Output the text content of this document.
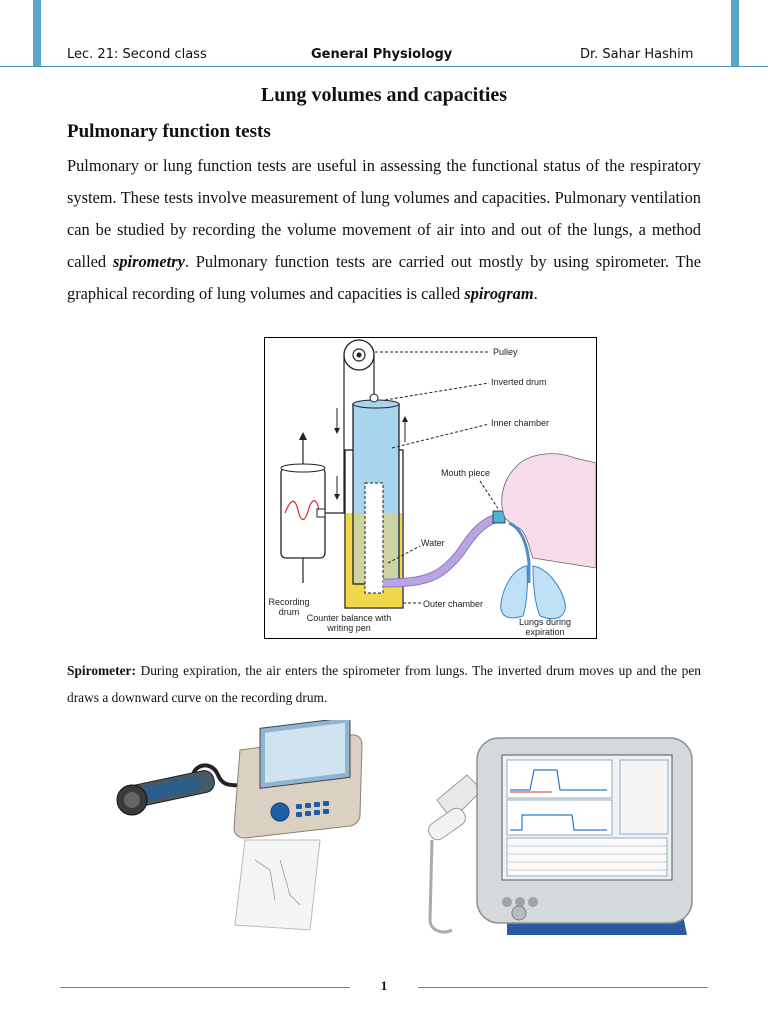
Lec. 21: Second class	General Physiology	Dr. Sahar Hashim
Lung volumes and capacities
Pulmonary function tests
Pulmonary or lung function tests are useful in assessing the functional status of the respiratory system. These tests involve measurement of lung volumes and capacities. Pulmonary ventilation can be studied by recording the volume movement of air into and out of the lungs, a method called spirometry. Pulmonary function tests are carried out mostly by using spirometer. The graphical recording of lung volumes and capacities is called spirogram.
Pulley
Inverted drum
Inner chamber
Mouth piece
Water
Outer chamber
Recording drum
Counter balance with writing pen
Lungs during expiration
Spirometer: During expiration, the air enters the spirometer from lungs. The inverted drum moves up and the pen draws a downward curve on the recording drum.
1
